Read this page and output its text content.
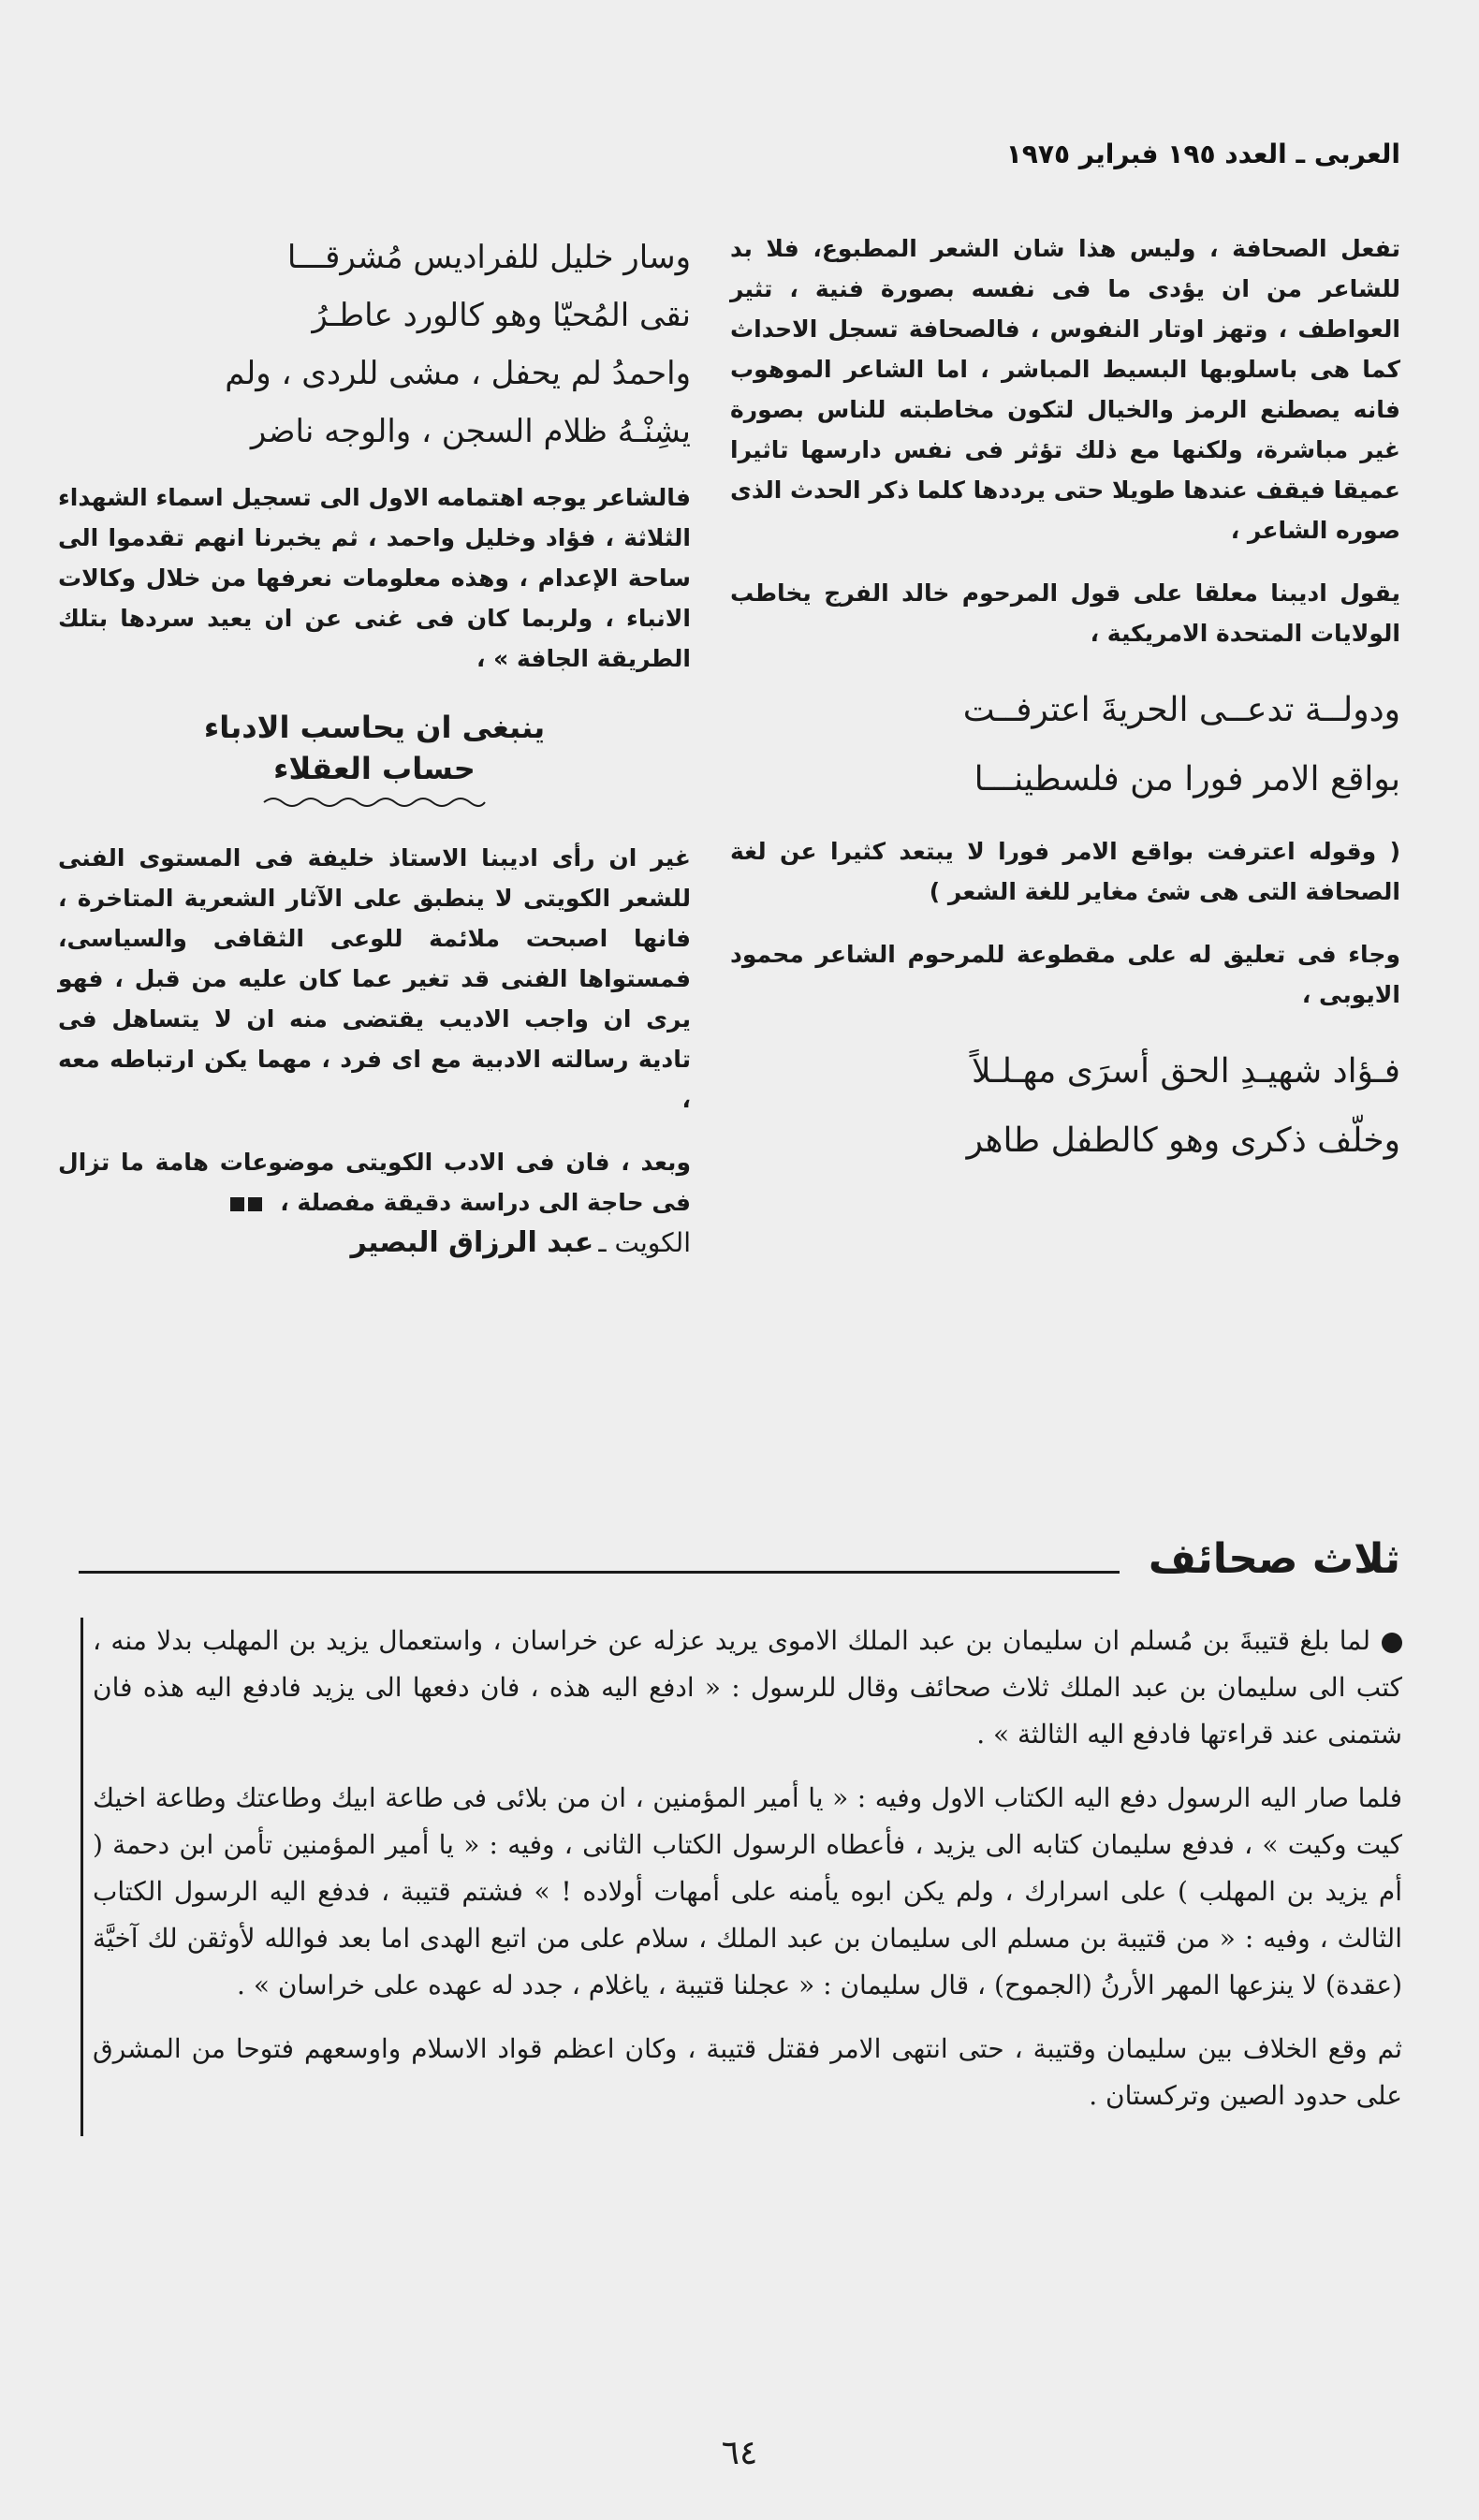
العربى ـ العدد ١٩٥ فبراير ١٩٧٥

تفعل الصحافة ، وليس هذا شان الشعر المطبوع، فلا بد للشاعر من ان يؤدى ما فى نفسه بصورة فنية ، تثير العواطف ، وتهز اوتار النفوس ، فالصحافة تسجل الاحداث كما هى باسلوبها البسيط المباشر ، اما الشاعر الموهوب فانه يصطنع الرمز والخيال لتكون مخاطبته للناس بصورة غير مباشرة، ولكنها مع ذلك تؤثر فى نفس دارسها تاثيرا عميقا فيقف عندها طويلا حتى يرددها كلما ذكر الحدث الذى صوره الشاعر ،

يقول اديبنا معلقا على قول المرحوم خالد الفرج يخاطب الولايات المتحدة الامريكية ،

ودولــة تدعــى الحريةَ اعترفــت
بواقع الامر فورا من فلسطينـــا

( وقوله اعترفت بواقع الامر فورا لا يبتعد كثيرا عن لغة الصحافة التى هى شئ مغاير للغة الشعر )

وجاء فى تعليق له على مقطوعة للمرحوم الشاعر محمود الايوبى ،

فـؤاد شهيـدِ الحق أسرَى مهـلـلاً
وخلّف ذكرى وهو كالطفل طاهر
وسار خليل للفراديس مُشرقـــا
نقى المُحيّا وهو كالورد عاطـرُ
واحمدُ لم يحفل ، مشى للردى ، ولم
يشِنْـهُ ظلام السجن ، والوجه ناضر

فالشاعر يوجه اهتمامه الاول الى تسجيل اسماء الشهداء الثلاثة ، فؤاد وخليل واحمد ، ثم يخبرنا انهم تقدموا الى ساحة الإعدام ، وهذه معلومات نعرفها من خلال وكالات الانباء ، ولربما كان فى غنى عن ان يعيد سردها بتلك الطريقة الجافة » ،

ينبغى ان يحاسب الادباء
حساب العقلاء

غير ان رأى اديبنا الاستاذ خليفة فى المستوى الفنى للشعر الكويتى لا ينطبق على الآثار الشعرية المتاخرة ، فانها اصبحت ملائمة للوعى الثقافى والسياسى، فمستواها الفنى قد تغير عما كان عليه من قبل ، فهو يرى ان واجب الاديب يقتضى منه ان لا يتساهل فى تادية رسالته الادبية مع اى فرد ، مهما يكن ارتباطه معه ،

وبعد ، فان فى الادب الكويتى موضوعات هامة ما تزال فى حاجة الى دراسة دقيقة مفصلة ،

الكويت ـ عبد الرزاق البصير
ثلاث صحائف

لما بلغ قتيبةَ بن مُسلم ان سليمان بن عبد الملك الاموى يريد عزله عن خراسان ، واستعمال يزيد بن المهلب بدلا منه ، كتب الى سليمان بن عبد الملك ثلاث صحائف وقال للرسول : « ادفع اليه هذه ، فان دفعها الى يزيد فادفع اليه هذه فان شتمنى عند قراءتها فادفع اليه الثالثة » .

فلما صار اليه الرسول دفع اليه الكتاب الاول وفيه : « يا أمير المؤمنين ، ان من بلائى فى طاعة ابيك وطاعتك وطاعة اخيك كيت وكيت » ، فدفع سليمان كتابه الى يزيد ، فأعطاه الرسول الكتاب الثانى ، وفيه : « يا أمير المؤمنين تأمن ابن دحمة ( أم يزيد بن المهلب ) على اسرارك ، ولم يكن ابوه يأمنه على أمهات أولاده ! » فشتم قتيبة ، فدفع اليه الرسول الكتاب الثالث ، وفيه : « من قتيبة بن مسلم الى سليمان بن عبد الملك ، سلام على من اتبع الهدى اما بعد فوالله لأوثقن لك آخيَّة (عقدة) لا ينزعها المهر الأرنُ (الجموح) ، قال سليمان : « عجلنا قتيبة ، ياغلام ، جدد له عهده على خراسان » .

ثم وقع الخلاف بين سليمان وقتيبة ، حتى انتهى الامر فقتل قتيبة ، وكان اعظم قواد الاسلام واوسعهم فتوحا من المشرق على حدود الصين وتركستان .

٦٤
